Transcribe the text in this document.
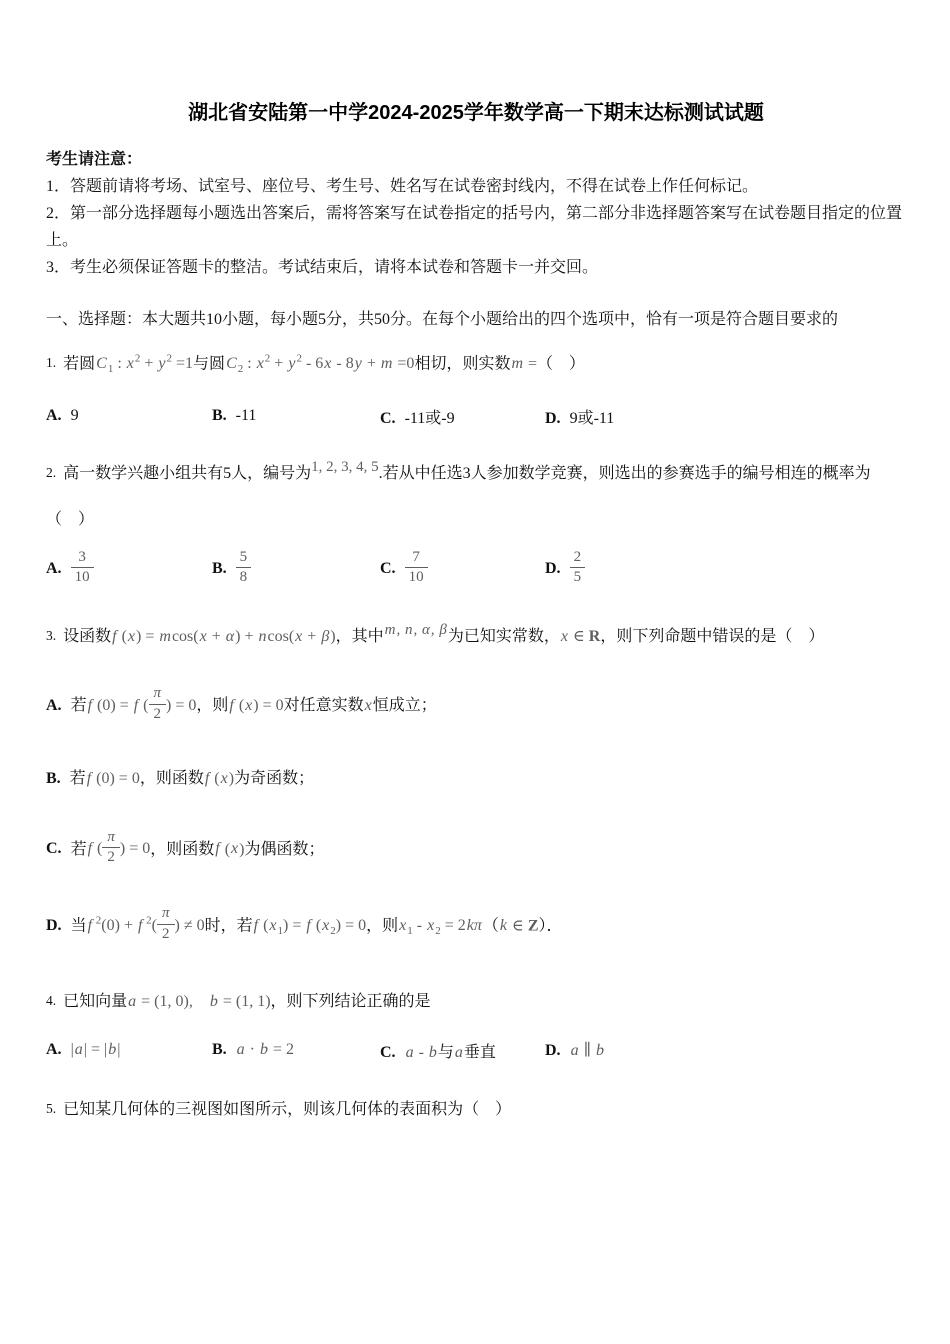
湖北省安陆第一中学2024-2025学年数学高一下期末达标测试试题
考生请注意：
1．答题前请将考场、试室号、座位号、考生号、姓名写在试卷密封线内，不得在试卷上作任何标记。
2．第一部分选择题每小题选出答案后，需将答案写在试卷指定的括号内，第二部分非选择题答案写在试卷题目指定的位置上。
3．考生必须保证答题卡的整洁。考试结束后，请将本试卷和答题卡一并交回。
一、选择题：本大题共10小题，每小题5分，共50分。在每个小题给出的四个选项中，恰有一项是符合题目要求的
1. 若圆$C_1$ : $x^2 + y^2 =1$与圆$C_2$ : $x^2 + y^2 - 6x - 8y + m =0$相切，则实数m =（　）
A. 9	B. -11	C. -11或-9	D. 9或-11
2. 高一数学兴趣小组共有5人，编号为1, 2, 3, 4, 5.若从中任选3人参加数学竞赛，则选出的参赛选手的编号相连的概率为（　）
A. $\frac{3}{10}$	B. $\frac{5}{8}$	C. $\frac{7}{10}$	D. $\frac{2}{5}$
3. 设函数f (x) = mcos(x + α) + ncos(x + β)，其中m, n, α, β为已知实常数，x ∈ R，则下列命题中错误的是（　）
A. 若f (0) = f ( $\frac{\pi}{2}$ ) = 0，则f (x) = 0对任意实数x恒成立；
B. 若f (0) = 0，则函数f (x)为奇函数；
C. 若f ( $\frac{\pi}{2}$ ) = 0，则函数f (x)为偶函数；
D. 当f $^2$(0) + f $^2( \frac{\pi}{2}$ ) ≠ 0时，若f $(x_1) = f$ $(x_2) = 0$，则$x_1 - x_2 = 2k\pi(k$ ∈ Z）．
4. 已知向量a = (1, 0),　 b = (1, 1)，则下列结论正确的是
A. |a| = |b|	B. a · b = 2	C. a - b与a垂直	D. a ∥ b
5. 已知某几何体的三视图如图所示，则该几何体的表面积为（　）
